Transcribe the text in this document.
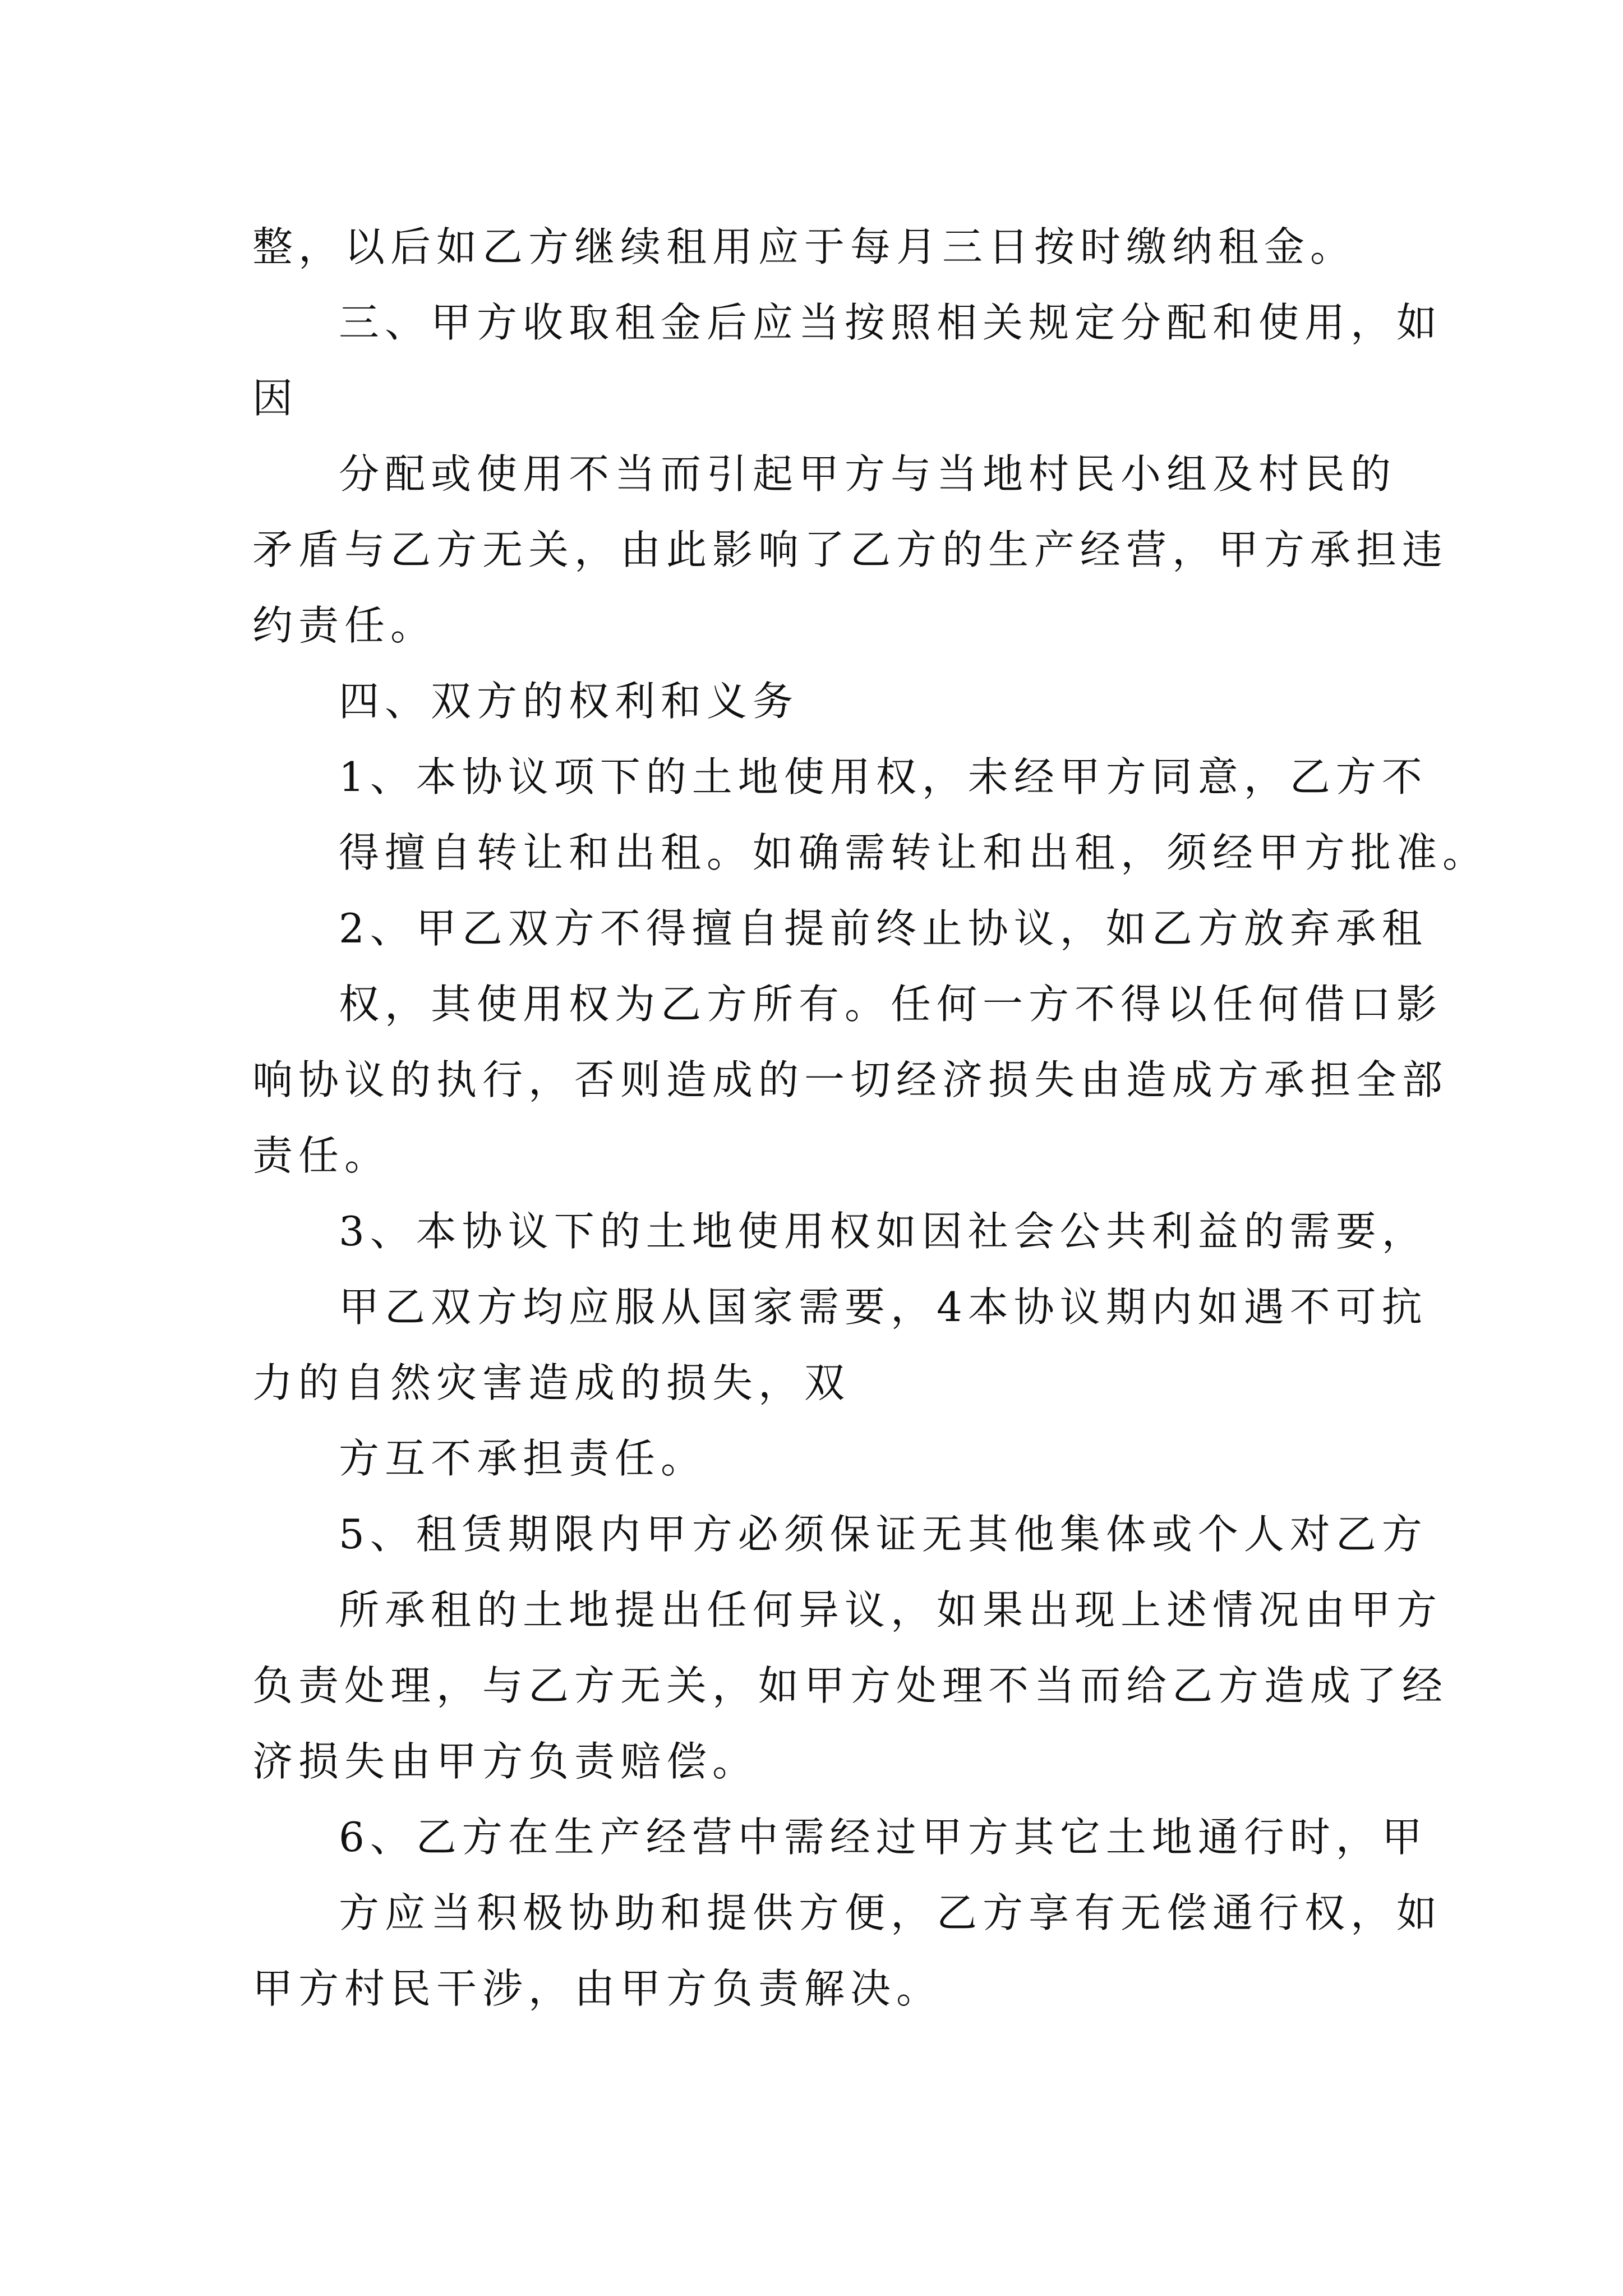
整，以后如乙方继续租用应于每月三日按时缴纳租金。
三、甲方收取租金后应当按照相关规定分配和使用，如
因
分配或使用不当而引起甲方与当地村民小组及村民的
矛盾与乙方无关，由此影响了乙方的生产经营，甲方承担违
约责任。
四、双方的权利和义务
1、本协议项下的土地使用权，未经甲方同意，乙方不
得擅自转让和出租。如确需转让和出租，须经甲方批准。
2、甲乙双方不得擅自提前终止协议，如乙方放弃承租
权，其使用权为乙方所有。任何一方不得以任何借口影
响协议的执行，否则造成的一切经济损失由造成方承担全部
责任。
3、本协议下的土地使用权如因社会公共利益的需要，
甲乙双方均应服从国家需要，4本协议期内如遇不可抗
力的自然灾害造成的损失，双
方互不承担责任。
5、租赁期限内甲方必须保证无其他集体或个人对乙方
所承租的土地提出任何异议，如果出现上述情况由甲方
负责处理，与乙方无关，如甲方处理不当而给乙方造成了经
济损失由甲方负责赔偿。
6、乙方在生产经营中需经过甲方其它土地通行时，甲
方应当积极协助和提供方便，乙方享有无偿通行权，如
甲方村民干涉，由甲方负责解决。
